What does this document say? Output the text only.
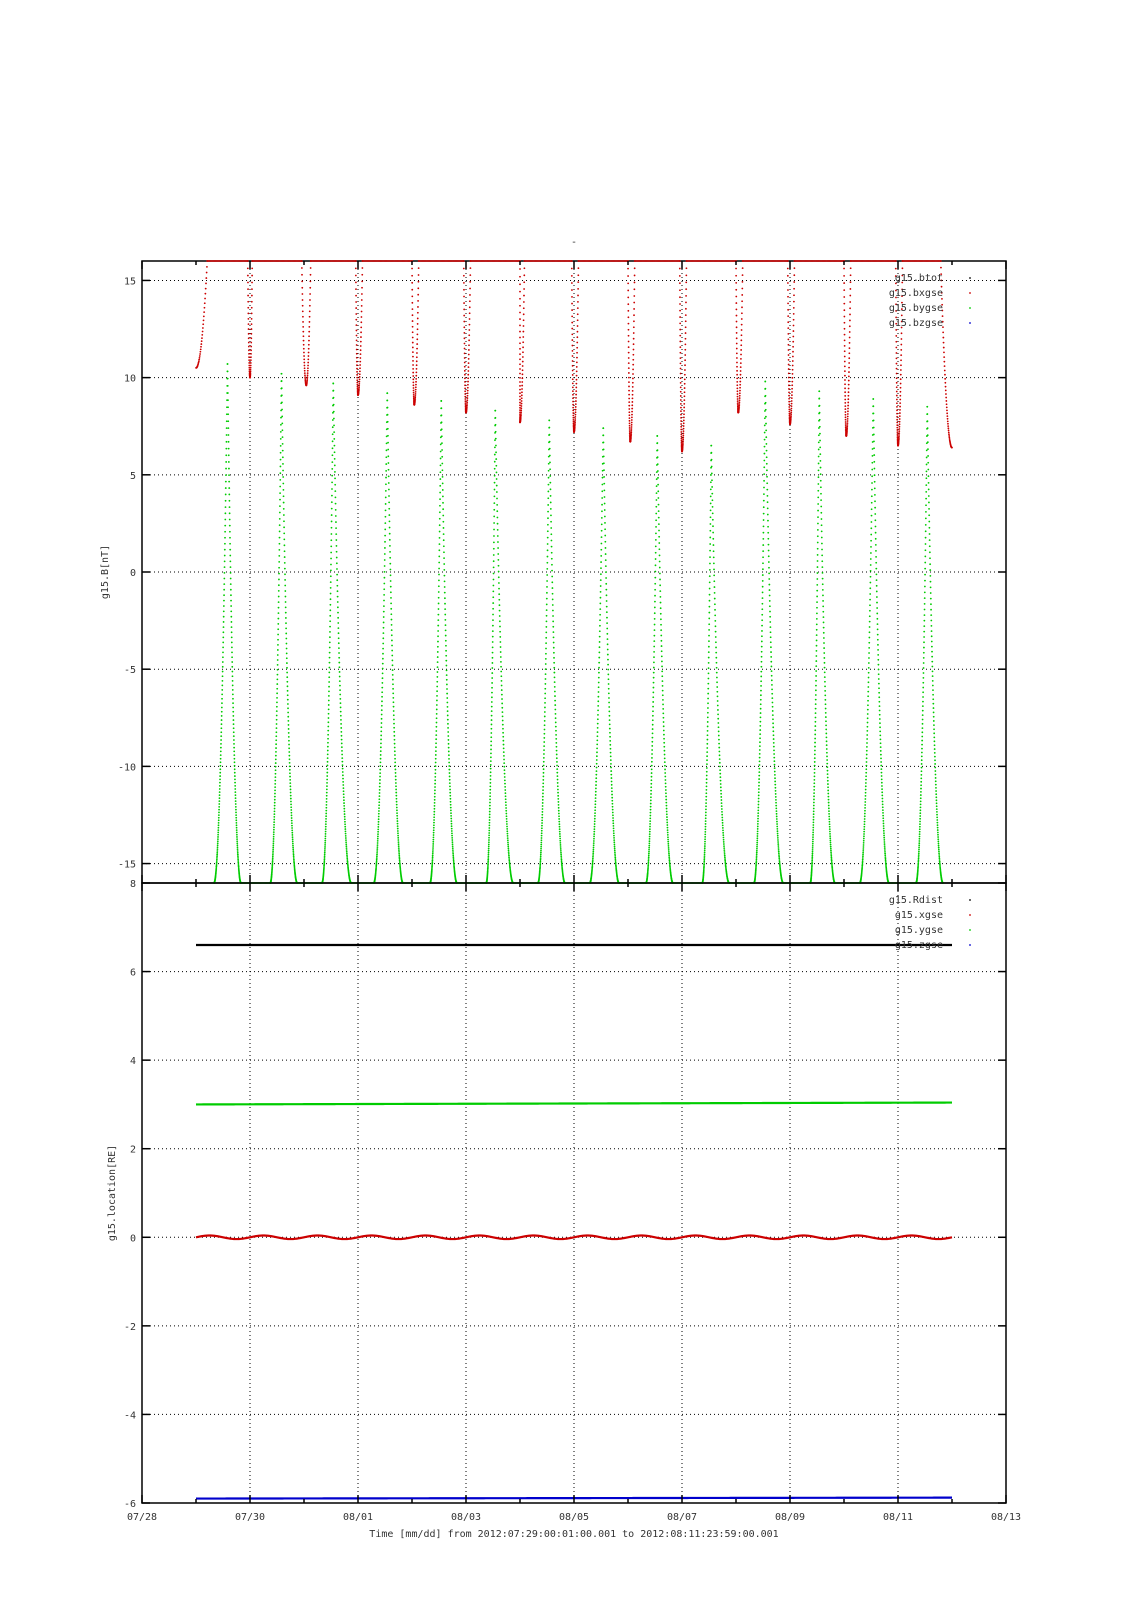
-
15
10
5
0
-5
-10
-15
g15.btot
g15.bxgse
g15.bygse
g15.bzgse
g15.B[nT]
8
6
4
2
0
-2
-4
-6
g15.Rdist
g15.xgse
g15.ygse
g15.zgse
g15.location[RE]
07/28	07/30	08/01	08/03	08/05	08/07	08/09	08/11	08/13
Time [mm/dd] from 2012:07:29:00:01:00.001 to 2012:08:11:23:59:00.001
